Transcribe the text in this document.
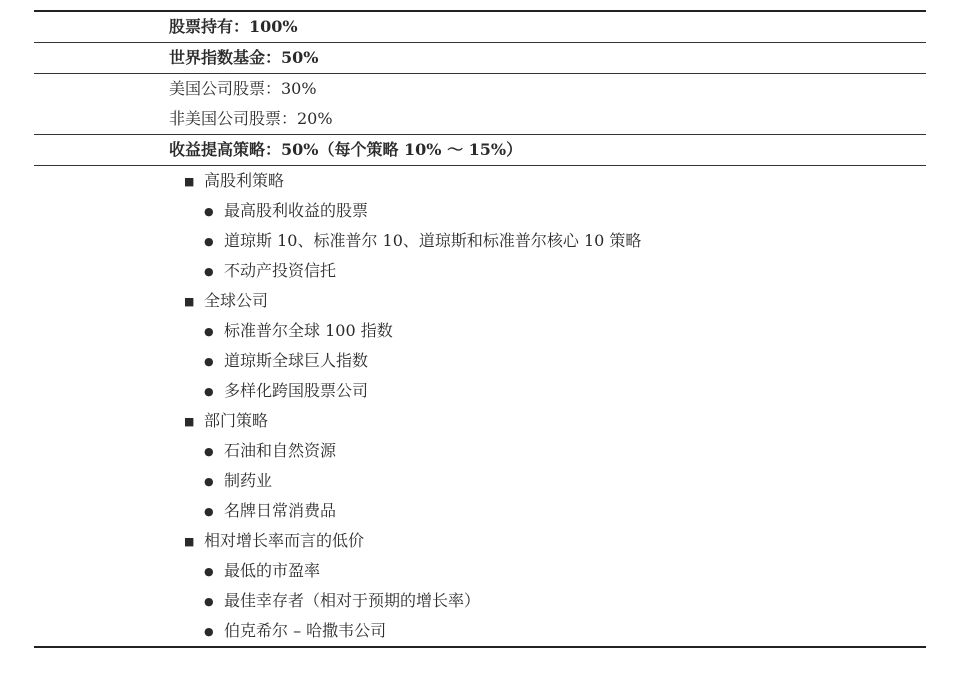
股票持有：100%
世界指数基金：50%
美国公司股票：30%
非美国公司股票：20%
收益提高策略：50%（每个策略 10% ～ 15%）
■高股利策略
●最高股利收益的股票
●道琼斯 10、标准普尔 10、道琼斯和标准普尔核心 10 策略
●不动产投资信托
■全球公司
●标准普尔全球 100 指数
●道琼斯全球巨人指数
●多样化跨国股票公司
■部门策略
●石油和自然资源
●制药业
●名牌日常消费品
■相对增长率而言的低价
●最低的市盈率
●最佳幸存者（相对于预期的增长率）
●伯克希尔 – 哈撒韦公司
